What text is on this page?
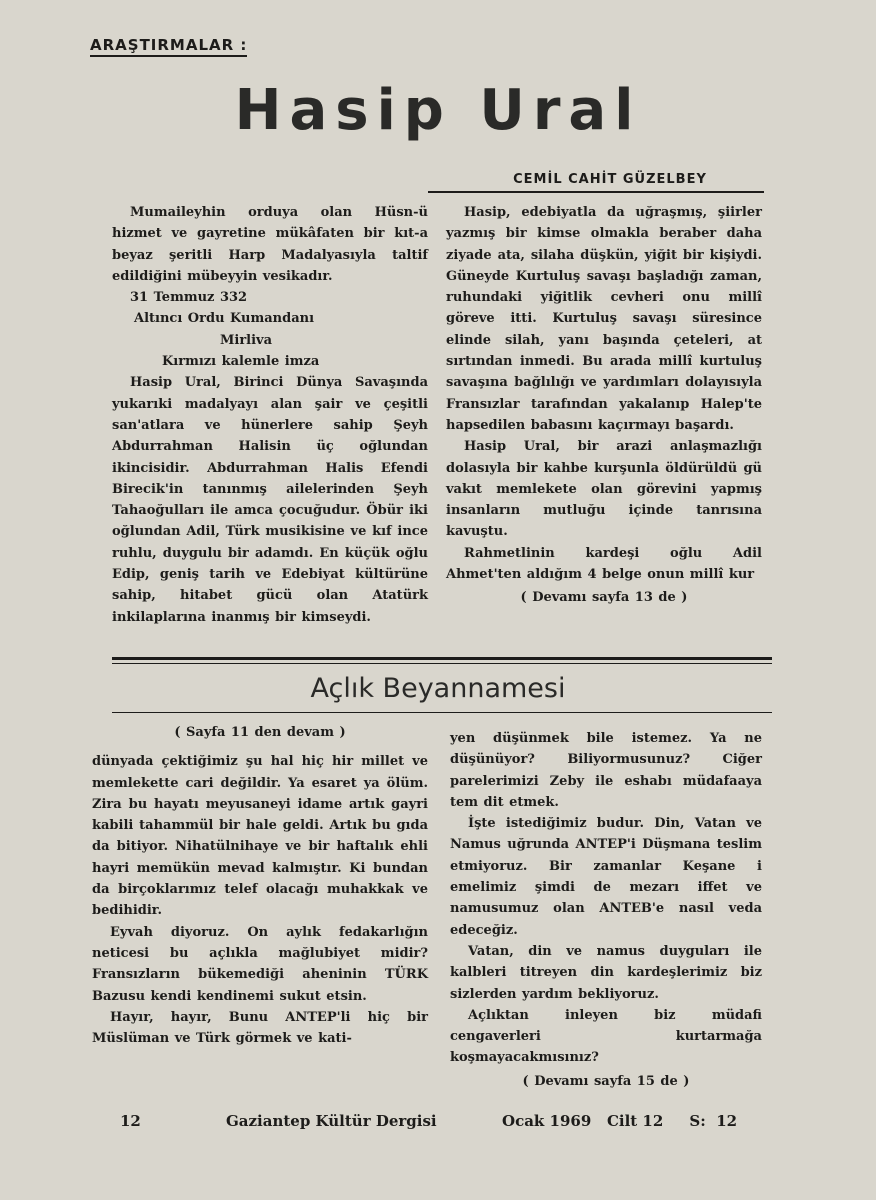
ARAŞTIRMALAR :
Hasip Ural
CEMİL CAHİT GÜZELBEY

Mumaileyhin orduya olan Hüsn-ü hizmet ve gayretine mükâfaten bir kıt-a beyaz şeritli Harp Madalyasıyla taltif edildiğini mübeyyin vesikadır.

31 Temmuz 332

Altıncı Ordu Kumandanı

Mirliva

Kırmızı kalemle imza

Hasip Ural, Birinci Dünya Savaşında yukarıki madalyayı alan şair ve çeşitli san'atlara ve hünerlere sahip Şeyh Abdurrahman Halisin üç oğlundan ikincisidir. Abdurrahman Halis Efendi Birecik'in tanınmış ailelerinden Şeyh Tahaoğulları ile amca çocuğudur. Öbür iki oğlundan Adil, Türk musikisine ve kıf ince ruhlu, duygulu bir adamdı. En küçük oğlu Edip, geniş tarih ve Edebiyat kültürüne sahip, hitabet gücü olan Atatürk inkilaplarına inanmış bir kimseydi.

Hasip, edebiyatla da uğraşmış, şiirler yazmış bir kimse olmakla beraber daha ziyade ata, silaha düşkün, yiğit bir kişiydi. Güneyde Kurtuluş savaşı başladığı zaman, ruhundaki yiğitlik cevheri onu millî göreve itti. Kurtuluş savaşı süresince elinde silah, yanı başında çeteleri, at sırtından inmedi. Bu arada millî kurtuluş savaşına bağlılığı ve yardımları dolayısıyla Fransızlar tarafından yakalanıp Halep'te hapsedilen babasını kaçırmayı başardı.

Hasip Ural, bir arazi anlaşmazlığı dolasıyla bir kahbe kurşunla öldürüldü gü vakıt memlekete olan görevini yapmış insanların mutluğu içinde tanrısına kavuştu.

Rahmetlinin kardeşi oğlu Adil Ahmet'ten aldığım 4 belge onun millî kur

( Devamı sayfa 13 de )

Açlık Beyannamesi

( Sayfa 11 den devam )

dünyada çektiğimiz şu hal hiç hir millet ve memlekette cari değildir. Ya esaret ya ölüm. Zira bu hayatı meyusaneyi idame artık gayri kabili tahammül bir hale geldi. Artık bu gıda da bitiyor. Nihatülnihaye ve bir haftalık ehli hayri memükün mevad kalmıştır. Ki bundan da birçoklarımız telef olacağı muhakkak ve bedihidir.

Eyvah diyoruz. On aylık fedakarlığın neticesi bu açlıkla mağlubiyet midir? Fransızların bükemediği aheninin TÜRK Bazusu kendi kendinemi sukut etsin.

Hayır, hayır, Bunu ANTEP'li hiç bir Müslüman ve Türk görmek ve kati-

yen düşünmek bile istemez. Ya ne düşünüyor? Biliyormusunuz? Ciğer parelerimizi Zeby ile eshabı müdafaaya tem dit etmek.

İşte istediğimiz budur. Din, Vatan ve Namus uğrunda ANTEP'i Düşmana teslim etmiyoruz. Bir zamanlar Keşane i emelimiz şimdi de mezarı iffet ve namusumuz olan ANTEB'e nasıl veda edeceğiz.

Vatan, din ve namus duyguları ile kalbleri titreyen din kardeşlerimiz biz sizlerden yardım bekliyoruz.

Açlıktan inleyen biz müdafi cengaverleri kurtarmağa koşmayacakmısınız?

( Devamı sayfa 15 de )

12	Gaziantep Kültür Dergisi	Ocak 1969   Cilt 12     S:  12
